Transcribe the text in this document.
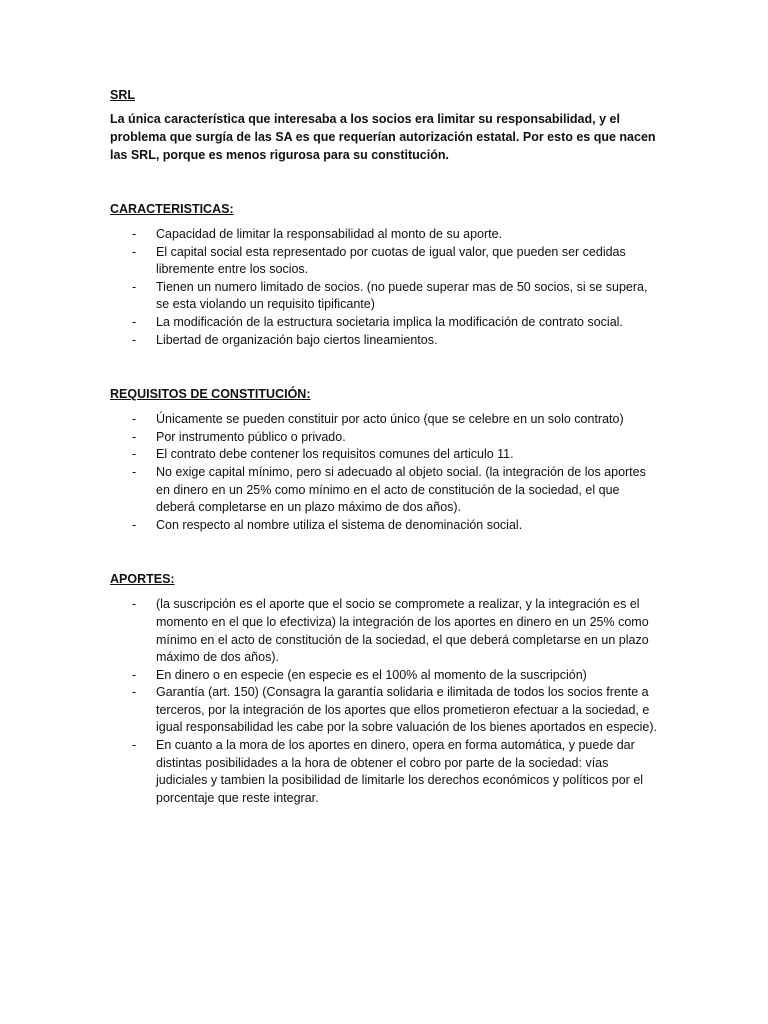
SRL

La única característica que interesaba a los socios era limitar su responsabilidad, y el problema que surgía de las SA es que requerían autorización estatal. Por esto es que nacen las SRL, porque es menos rigurosa para su constitución.

CARACTERISTICAS:

- Capacidad de limitar la responsabilidad al monto de su aporte.
- El capital social esta representado por cuotas de igual valor, que pueden ser cedidas libremente entre los socios.
- Tienen un numero limitado de socios. (no puede superar mas de 50 socios, si se supera, se esta violando un requisito tipificante)
- La modificación de la estructura societaria implica la modificación de contrato social.
- Libertad de organización bajo ciertos lineamientos.

REQUISITOS DE CONSTITUCIÓN:

- Únicamente se pueden constituir por acto único (que se celebre en un solo contrato)
- Por instrumento público o privado.
- El contrato debe contener los requisitos comunes del articulo 11.
- No exige capital mínimo, pero si adecuado al objeto social. (la integración de los aportes en dinero en un 25% como mínimo en el acto de constitución de la sociedad, el que deberá completarse en un plazo máximo de dos años).
- Con respecto al nombre utiliza el sistema de denominación social.

APORTES:

- (la suscripción es el aporte que el socio se compromete a realizar, y la integración es el momento en el que lo efectiviza) la integración de los aportes en dinero en un 25% como mínimo en el acto de constitución de la sociedad, el que deberá completarse en un plazo máximo de dos años).
- En dinero o en especie (en especie es el 100% al momento de la suscripción)
- Garantía (art. 150) (Consagra la garantía solidaria e ilimitada de todos los socios frente a terceros, por la integración de los aportes que ellos prometieron efectuar a la sociedad, e igual responsabilidad les cabe por la sobre valuación de los bienes aportados en especie).
- En cuanto a la mora de los aportes en dinero, opera en forma automática, y puede dar distintas posibilidades a la hora de obtener el cobro por parte de la sociedad: vías judiciales y tambien la posibilidad de limitarle los derechos económicos y políticos por el porcentaje que reste integrar.
